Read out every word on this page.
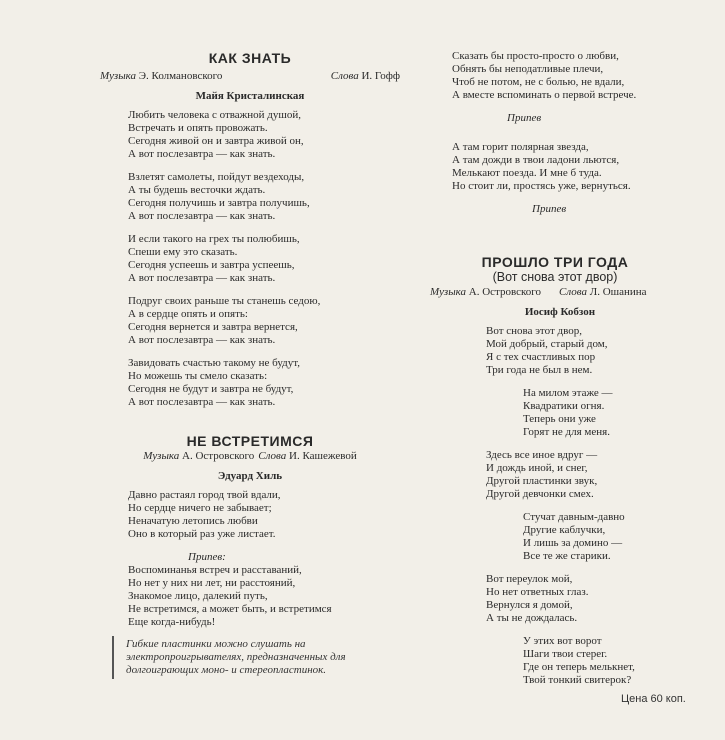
КАК ЗНАТЬ
Музыка Э. Колмановского	Слова И. Гофф
Майя Кристалинская
Любить человека с отважной душой,
Встречать и опять провожать.
Сегодня живой он и завтра живой он,
А вот послезавтра — как знать.
Взлетят самолеты, пойдут вездеходы,
А ты будешь весточки ждать.
Сегодня получишь и завтра получишь,
А вот послезавтра — как знать.
И если такого на грех ты полюбишь,
Спеши ему это сказать.
Сегодня успеешь и завтра успеешь,
А вот послезавтра — как знать.
Подруг своих раньше ты станешь седою,
А в сердце опять и опять:
Сегодня вернется и завтра вернется,
А вот послезавтра — как знать.
Завидовать счастью такому не будут,
Но можешь ты смело сказать:
Сегодня не будут и завтра не будут,
А вот послезавтра — как знать.
НЕ ВСТРЕТИМСЯ
Музыка А. Островского Слова И. Кашежевой
Эдуард Хиль
Давно растаял город твой вдали,
Но сердце ничего не забывает;
Неначатую летопись любви
Оно в который раз уже листает.
Припев:
Воспоминанья встреч и расставаний,
Но нет у них ни лет, ни расстояний,
Знакомое лицо, далекий путь,
Не встретимся, а может быть, и встретимся
Еще когда-нибудь!
Сказать бы просто-просто о любви,
Обнять бы неподатливые плечи,
Чтоб не потом, не с болью, не вдали,
А вместе вспоминать о первой встрече.
Припев
А там горит полярная звезда,
А там дожди в твои ладони льются,
Мелькают поезда. И мне б туда.
Но стоит ли, простясь уже, вернуться.
Припев
ПРОШЛО ТРИ ГОДА
(Вот снова этот двор)
Музыка А. Островского Слова Л. Ошанина
Иосиф Кобзон
Вот снова этот двор,
Мой добрый, старый дом,
Я с тех счастливых пор
Три года не был в нем.
На милом этаже —
Квадратики огня.
Теперь они уже
Горят не для меня.
Здесь все иное вдруг —
И дождь иной, и снег,
Другой пластинки звук,
Другой девчонки смех.
Стучат давным-давно
Другие каблучки,
И лишь за домино —
Все те же старики.
Вот переулок мой,
Но нет ответных глаз.
Вернулся я домой,
А ты не дождалась.
У этих вот ворот
Шаги твои стерег.
Где он теперь мелькнет,
Твой тонкий свитерок?
Гибкие пластинки можно слушать на электропроигрывателях, предназначенных для долгоиграющих моно- и стереопластинок.
Цена 60 коп.
